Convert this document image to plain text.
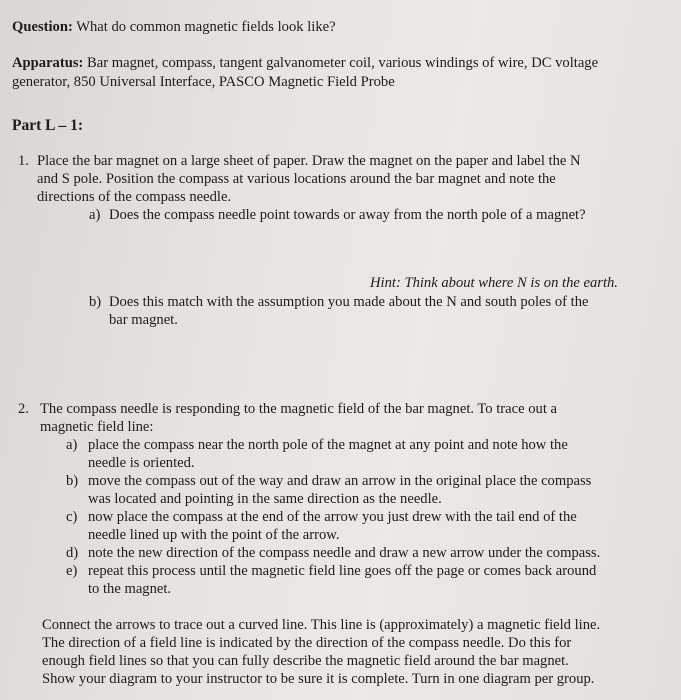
Question: What do common magnetic fields look like?
Apparatus: Bar magnet, compass, tangent galvanometer coil, various windings of wire, DC voltage
generator, 850 Universal Interface, PASCO Magnetic Field Probe
Part L – 1:
1. Place the bar magnet on a large sheet of paper. Draw the magnet on the paper and label the N
and S pole. Position the compass at various locations around the bar magnet and note the
directions of the compass needle.
a) Does the compass needle point towards or away from the north pole of a magnet?
Hint: Think about where N is on the earth.
b) Does this match with the assumption you made about the N and south poles of the
bar magnet.
2. The compass needle is responding to the magnetic field of the bar magnet. To trace out a
magnetic field line:
a) place the compass near the north pole of the magnet at any point and note how the
needle is oriented.
b) move the compass out of the way and draw an arrow in the original place the compass
was located and pointing in the same direction as the needle.
c) now place the compass at the end of the arrow you just drew with the tail end of the
needle lined up with the point of the arrow.
d) note the new direction of the compass needle and draw a new arrow under the compass.
e) repeat this process until the magnetic field line goes off the page or comes back around
to the magnet.
Connect the arrows to trace out a curved line. This line is (approximately) a magnetic field line.
The direction of a field line is indicated by the direction of the compass needle. Do this for
enough field lines so that you can fully describe the magnetic field around the bar magnet.
Show your diagram to your instructor to be sure it is complete. Turn in one diagram per group.
